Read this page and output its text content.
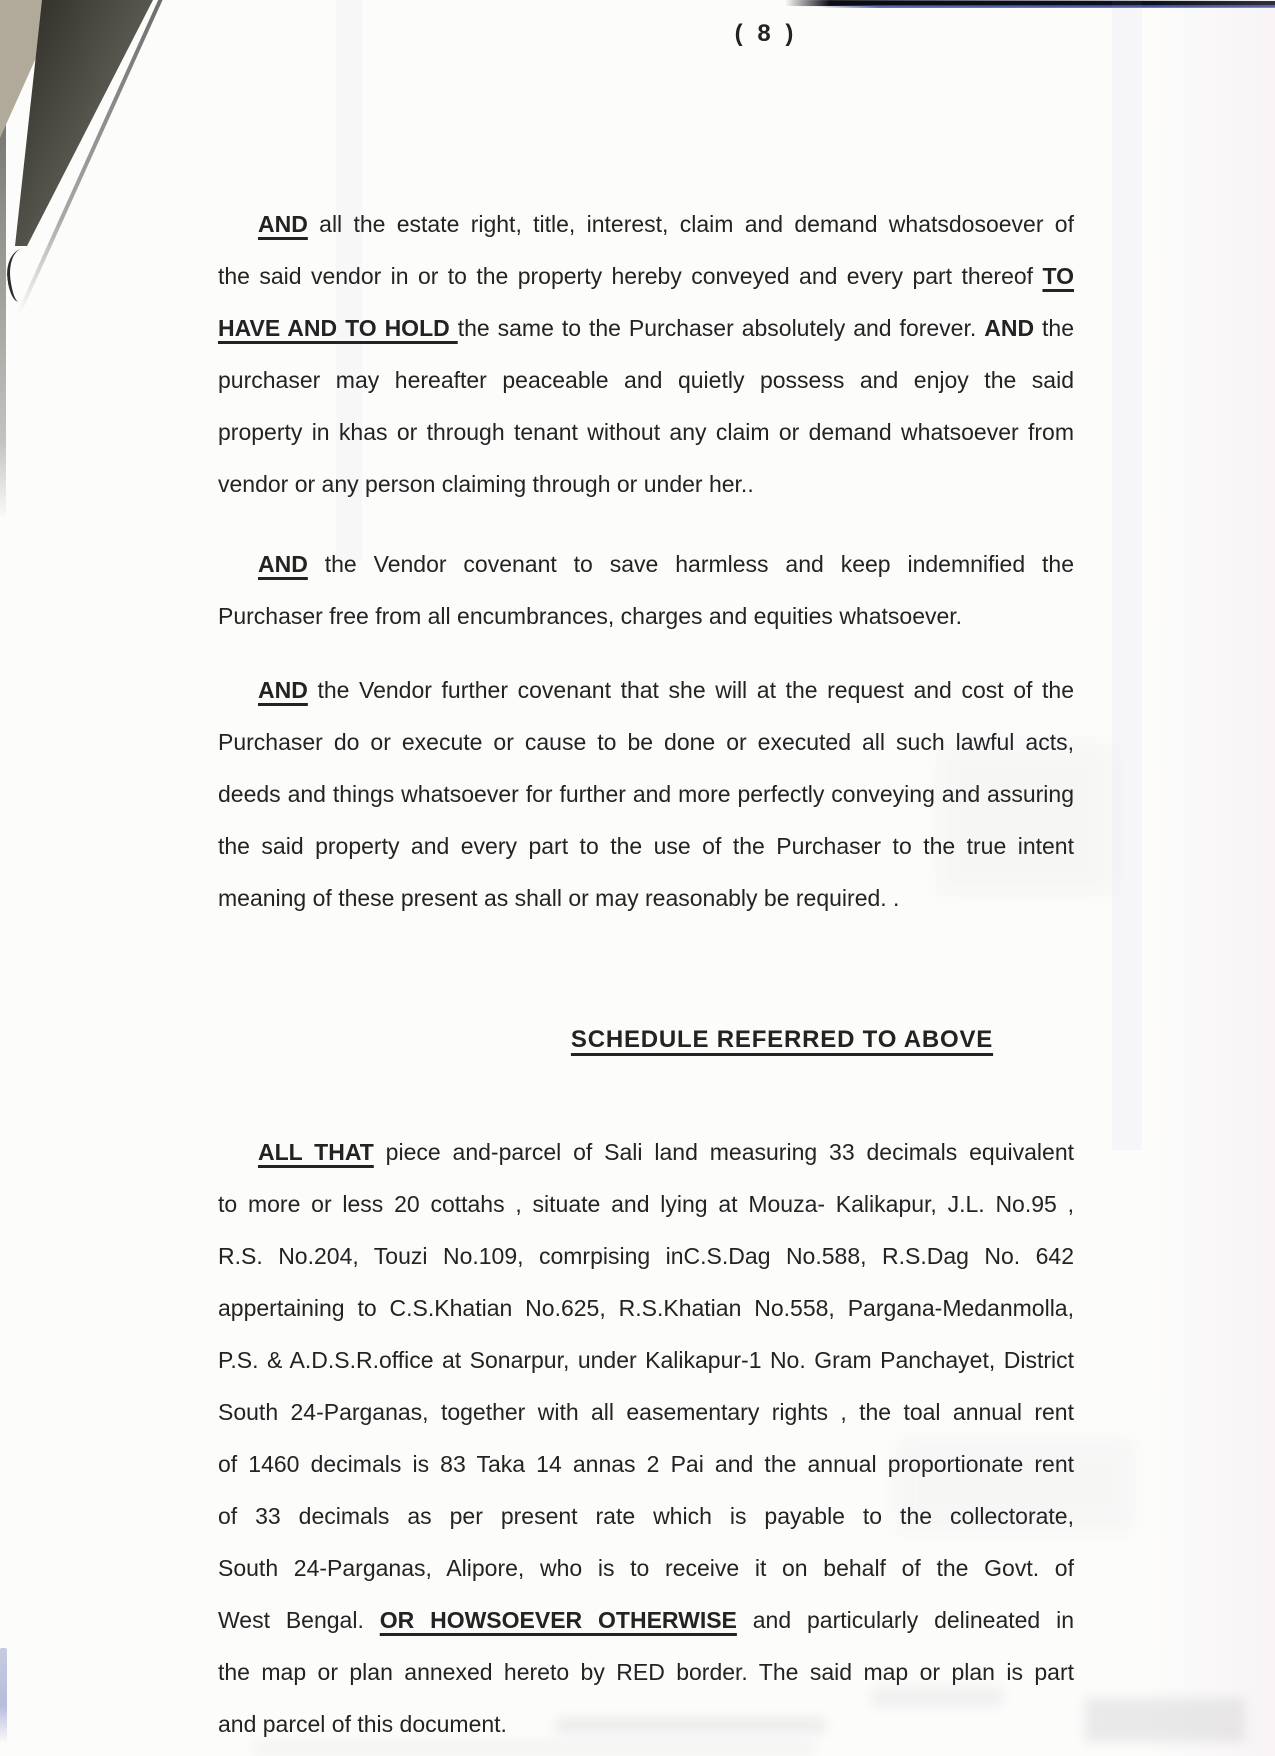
( 8 )
AND all the estate right, title, interest, claim and demand whatsdosoever of
the said vendor in or to the property hereby conveyed and every part thereof TO
HAVE AND TO HOLD the same to the Purchaser absolutely and forever. AND the
purchaser may hereafter peaceable and quietly possess and enjoy the said
property in khas or through tenant without any claim or demand whatsoever from
vendor or any person claiming through or under her..
AND the Vendor covenant to save harmless and keep indemnified the
Purchaser free from all encumbrances, charges and equities whatsoever.
AND the Vendor further covenant that she will at the request and cost of the
Purchaser do or execute or cause to be done or executed all such lawful acts,
deeds and things whatsoever for further and more perfectly conveying and assuring
the said property and every part to the use of the Purchaser to the true intent
meaning of these present as shall or may reasonably be required. .
ALL THAT piece and-parcel of Sali land measuring 33 decimals equivalent
to more or less 20 cottahs , situate and lying at Mouza- Kalikapur, J.L. No.95 ,
R.S. No.204, Touzi No.109, comrpising inC.S.Dag No.588, R.S.Dag No. 642
appertaining to C.S.Khatian No.625, R.S.Khatian No.558, Pargana-Medanmolla,
P.S. & A.D.S.R.office at Sonarpur, under Kalikapur-1 No. Gram Panchayet, District
South 24-Parganas, together with all easementary rights , the toal annual rent
of 1460 decimals is 83 Taka 14 annas 2 Pai and the annual proportionate rent
of 33 decimals as per present rate which is payable to the collectorate,
South 24-Parganas, Alipore, who is to receive it on behalf of the Govt. of
West Bengal. OR HOWSOEVER OTHERWISE and particularly delineated in
the map or plan annexed hereto by RED border. The said map or plan is part
and parcel of this document.
SCHEDULE REFERRED TO ABOVE
